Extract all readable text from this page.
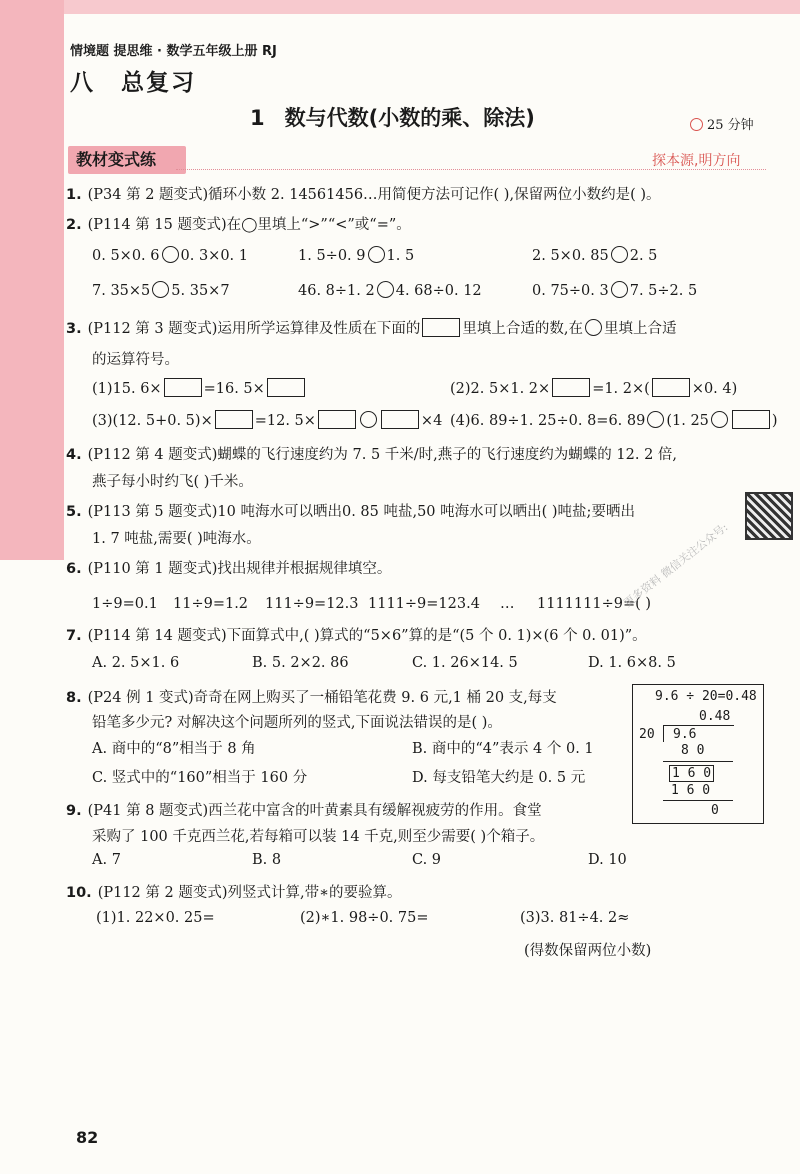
情境题 提思维 · 数学五年级上册 RJ
八 总复习
1 数与代数(小数的乘、除法)	25 分钟
教材变式练	探本源,明方向
1. (P34 第 2 题变式)循环小数 2. 14561456…用简便方法可记作( ),保留两位小数约是( )。
2. (P114 第 15 题变式)在◯里填上“>”“<”或“=”。
0. 5×0. 6 0. 3×0. 1	1. 5÷0. 9 1. 5	2. 5×0. 85 2. 5
7. 35×5 5. 35×7	46. 8÷1. 2 4. 68÷0. 12	0. 75÷0. 3 7. 5÷2. 5
3. (P112 第 3 题变式)运用所学运算律及性质在下面的	里填上合适的数,在 里填上合适
的运算符号。
(1)15. 6×	=16. 5×	(2)2. 5×1. 2×	=1. 2×(	×0. 4)
(3)(12. 5+0. 5)×	=12. 5×	×4 (4)6. 89÷1. 25÷0. 8=6. 89 (1. 25	)
4. (P112 第 4 题变式)蝴蝶的飞行速度约为 7. 5 千米/时,燕子的飞行速度约为蝴蝶的 12. 2 倍,
燕子每小时约飞( )千米。
5. (P113 第 5 题变式)10 吨海水可以晒出0. 85 吨盐,50 吨海水可以晒出( )吨盐;要晒出
1. 7 吨盐,需要( )吨海水。
6. (P110 第 1 题变式)找出规律并根据规律填空。
1÷9=0.1 11÷9=1.2 111÷9=12.3 1111÷9=123.4 … 1111111÷9=( )
更多资料 微信关注公众号:
7. (P114 第 14 题变式)下面算式中,( )算式的“5×6”算的是“(5 个 0. 1)×(6 个 0. 01)”。
A. 2. 5×1. 6	B. 5. 2×2. 86	C. 1. 26×14. 5	D. 1. 6×8. 5
8. (P24 例 1 变式)奇奇在网上购买了一桶铅笔花费 9. 6 元,1 桶 20 支,每支
铅笔多少元? 对解决这个问题所列的竖式,下面说法错误的是( )。
A. 商中的“8”相当于 8 角	B. 商中的“4”表示 4 个 0. 1
C. 竖式中的“160”相当于 160 分	D. 每支铅笔大约是 0. 5 元
9.6 ÷ 20=0.48
0.48
20 9.6
8 0
1 6 0
1 6 0
0
9. (P41 第 8 题变式)西兰花中富含的叶黄素具有缓解视疲劳的作用。食堂
采购了 100 千克西兰花,若每箱可以装 14 千克,则至少需要( )个箱子。
A. 7	B. 8	C. 9	D. 10
10. (P112 第 2 题变式)列竖式计算,带∗的要验算。
(1)1. 22×0. 25=	(2)∗1. 98÷0. 75=	(3)3. 81÷4. 2≈
(得数保留两位小数)
82
